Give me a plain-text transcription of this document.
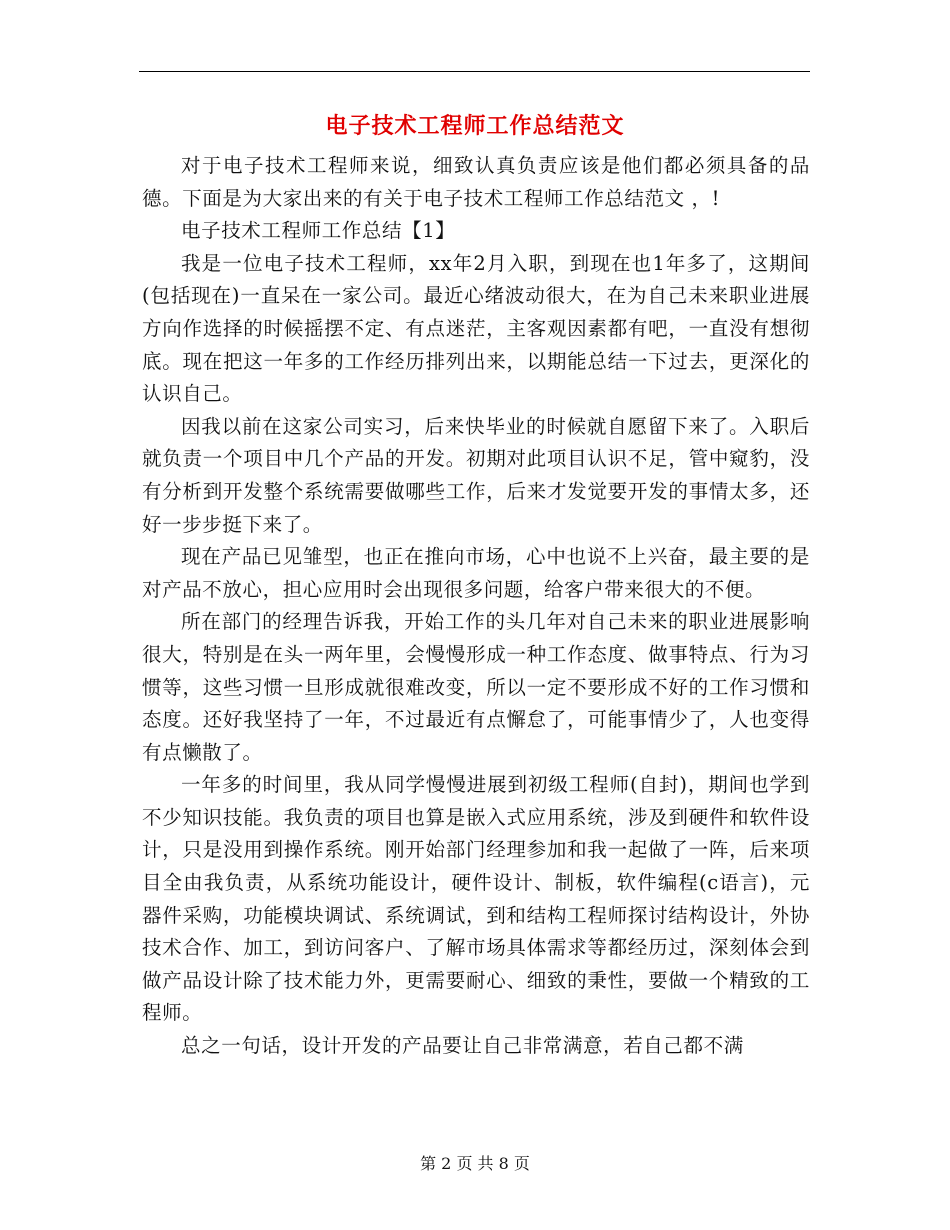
电子技术工程师工作总结范文

对于电子技术工程师来说，细致认真负责应该是他们都必须具备的品德。下面是为大家出来的有关于电子技术工程师工作总结范文 ，!

电子技术工程师工作总结【1】

我是一位电子技术工程师，xx年2月入职，到现在也1年多了，这期间(包括现在)一直呆在一家公司。最近心绪波动很大，在为自己未来职业进展方向作选择的时候摇摆不定、有点迷茫，主客观因素都有吧，一直没有想彻底。现在把这一年多的工作经历排列出来，以期能总结一下过去，更深化的认识自己。

因我以前在这家公司实习，后来快毕业的时候就自愿留下来了。入职后就负责一个项目中几个产品的开发。初期对此项目认识不足，管中窥豹，没有分析到开发整个系统需要做哪些工作，后来才发觉要开发的事情太多，还好一步步挺下来了。

现在产品已见雏型，也正在推向市场，心中也说不上兴奋，最主要的是对产品不放心，担心应用时会出现很多问题，给客户带来很大的不便。

所在部门的经理告诉我，开始工作的头几年对自己未来的职业进展影响很大，特别是在头一两年里，会慢慢形成一种工作态度、做事特点、行为习惯等，这些习惯一旦形成就很难改变，所以一定不要形成不好的工作习惯和态度。还好我坚持了一年，不过最近有点懈怠了，可能事情少了，人也变得有点懒散了。

一年多的时间里，我从同学慢慢进展到初级工程师(自封)，期间也学到不少知识技能。我负责的项目也算是嵌入式应用系统，涉及到硬件和软件设计，只是没用到操作系统。刚开始部门经理参加和我一起做了一阵，后来项目全由我负责，从系统功能设计，硬件设计、制板，软件编程(c语言)，元器件采购，功能模块调试、系统调试，到和结构工程师探讨结构设计，外协技术合作、加工，到访问客户、了解市场具体需求等都经历过，深刻体会到做产品设计除了技术能力外，更需要耐心、细致的秉性，要做一个精致的工程师。

总之一句话，设计开发的产品要让自己非常满意，若自己都不满

第 2 页 共 8 页
